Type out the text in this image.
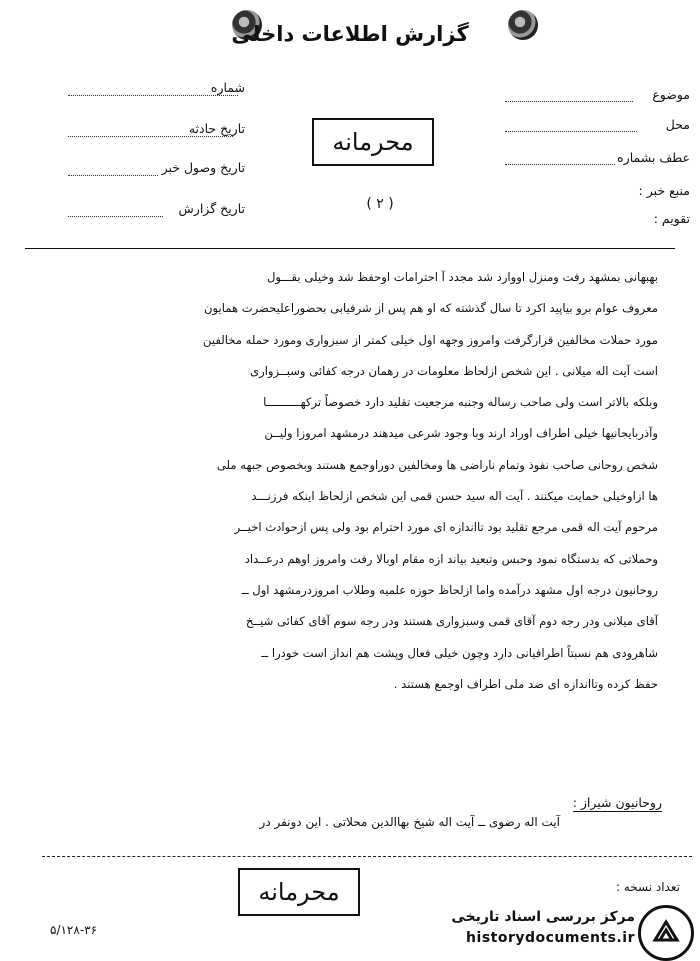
گزارش اطلاعات داخلی
شماره
تاریخ حادثه
تاریخ وصول خبر
تاریخ گزارش
محرمانه
( ۲ )
موضوع
محل
عطف بشماره
منبع خبر :
تقویم :

بهبهانی بمشهد رفت ومنزل اووارد شد مجدد آ احترامات اوحفظ شد وخیلی بقـــول

معروف عوام برو بیاپید اکرد تا سال گذشته که او هم پس از شرفیابی بحضوراعلیحضرت همایون

مورد حملات مخالفین قرارگرفت وامروز وجهه اول خیلی کمتر از سبزواری ومورد حمله مخالفین

است آیت اله میلانی . این شخص ازلحاظ معلومات در رهمان درجه کفائی وسبــزواری

وبلکه بالاتر است ولی صاحب رساله وجنبه مرجعیت تقلید دارد خصوصاً ترکهــــــــــا

وآذربایجانیها خیلی اطراف اوراد ارند وبا وجود شرعی میدهند درمشهد امروزا ولیــن

شخص روحانی صاحب نفوذ وتمام ناراضی ها ومخالفین دوراوجمع هستند وبخصوص جبهه ملی

ها ازاوخیلی حمایت میکنند . آیت اله سید حسن قمی این شخص ازلحاظ اینکه فرزنـــد

مرحوم آیت اله قمی مرجع تقلید بود تااندازه ای مورد احترام بود ولی پس ازحوادث اخیــر

وحملاتی که بدستگاه نمود وحبس وتبعید بیاند ازه مقام اوبالا رفت وامروز اوهم درعــداد

روحانیون درجه اول مشهد درآمده واما ازلحاظ حوزه علمیه وطلاب امروزدرمشهد اول ــ

آقای میلانی ودر رجه دوم آقای قمی وسبزواری هستند ودر رجه سوم آقای کفائی شیــخ

شاهرودی هم نسبتاً اطرافیانی دارد وچون خیلی فعال وپشت هم انداز است خودرا ــ

حفظ کرده وتااندازه ای ضد ملی اطراف اوجمع هستند .

روحانیون شیراز :
آیت اله رضوی ــ آیت اله شیخ بهاالدین محلاتی . این دونفر در
محرمانه	تعداد نسخه :
۵/۱۲۸-۳۶
مرکز بررسی اسناد تاریخی
historydocuments.ir
